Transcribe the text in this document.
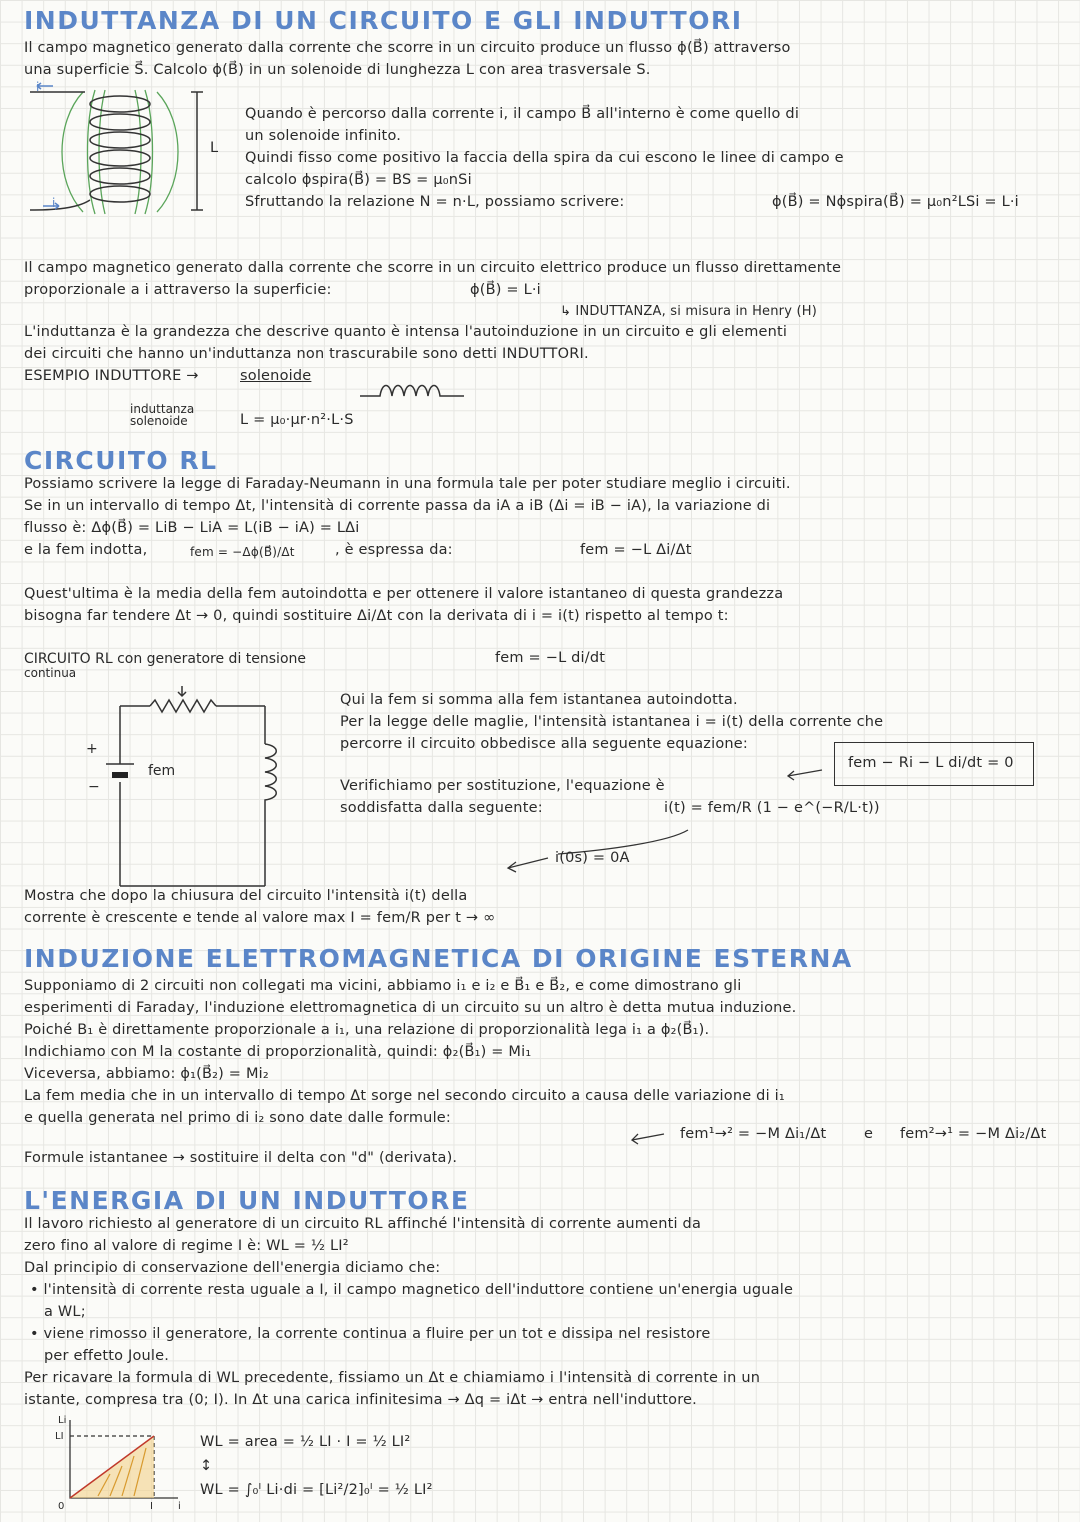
INDUTTANZA DI UN CIRCUITO E GLI INDUTTORI
Il campo magnetico generato dalla corrente che scorre in un circuito produce un flusso ϕ(B⃗) attraverso
una superficie S⃗. Calcolo ϕ(B⃗) in un solenoide di lunghezza L con area trasversale S.
i
i
L
Quando è percorso dalla corrente i, il campo B⃗ all'interno è come quello di
un solenoide infinito.
Quindi fisso come positivo la faccia della spira da cui escono le linee di campo e
calcolo ϕspira(B⃗) = BS = μ₀nSi
Sfruttando la relazione N = n·L, possiamo scrivere:	ϕ(B⃗) = Nϕspira(B⃗) = μ₀n²LSi = L·i
Il campo magnetico generato dalla corrente che scorre in un circuito elettrico produce un flusso direttamente
proporzionale a i attraverso la superficie:	ϕ(B⃗) = L·i
↳ INDUTTANZA, si misura in Henry (H)
L'induttanza è la grandezza che descrive quanto è intensa l'autoinduzione in un circuito e gli elementi
dei circuiti che hanno un'induttanza non trascurabile sono detti INDUTTORI.
ESEMPIO INDUTTORE →	solenoide
induttanza
solenoide	L = μ₀·μr·n²·L·S
CIRCUITO RL
Possiamo scrivere la legge di Faraday-Neumann in una formula tale per poter studiare meglio i circuiti.
Se in un intervallo di tempo Δt, l'intensità di corrente passa da iA a iB (Δi = iB − iA), la variazione di
flusso è: Δϕ(B⃗) = LiB − LiA = L(iB − iA) = LΔi
e la fem indotta,	fem = −Δϕ(B⃗)/Δt	, è espressa da:	fem = −L Δi/Δt
Quest'ultima è la media della fem autoindotta e per ottenere il valore istantaneo di questa grandezza
bisogna far tendere Δt → 0, quindi sostituire Δi/Δt con la derivata di i = i(t) rispetto al tempo t:
CIRCUITO RL con generatore di tensione
continua
fem = −L di/dt
+
−
fem
Qui la fem si somma alla fem istantanea autoindotta.
Per la legge delle maglie, l'intensità istantanea i = i(t) della corrente che
percorre il circuito obbedisce alla seguente equazione:
fem − Ri − L di/dt = 0
Verifichiamo per sostituzione, l'equazione è
soddisfatta dalla seguente:	i(t) = fem/R (1 − e^(−R/L·t))
i(0s) = 0A
Mostra che dopo la chiusura del circuito l'intensità i(t) della
corrente è crescente e tende al valore max I = fem/R per t → ∞
INDUZIONE ELETTROMAGNETICA DI ORIGINE ESTERNA
Supponiamo di 2 circuiti non collegati ma vicini, abbiamo i₁ e i₂ e B⃗₁ e B⃗₂, e come dimostrano gli
esperimenti di Faraday, l'induzione elettromagnetica di un circuito su un altro è detta mutua induzione.
Poiché B₁ è direttamente proporzionale a i₁, una relazione di proporzionalità lega i₁ a ϕ₂(B⃗₁).
Indichiamo con M la costante di proporzionalità, quindi: ϕ₂(B⃗₁) = Mi₁
Viceversa, abbiamo: ϕ₁(B⃗₂) = Mi₂
La fem media che in un intervallo di tempo Δt sorge nel secondo circuito a causa delle variazione di i₁
e quella generata nel primo di i₂ sono date dalle formule:
fem¹→² = −M Δi₁/Δt	e fem²→¹ = −M Δi₂/Δt
Formule istantanee → sostituire il delta con "d" (derivata).
L'ENERGIA DI UN INDUTTORE
Il lavoro richiesto al generatore di un circuito RL affinché l'intensità di corrente aumenti da
zero fino al valore di regime I è: WL = ½ LI²
Dal principio di conservazione dell'energia diciamo che:
• l'intensità di corrente resta uguale a I, il campo magnetico dell'induttore contiene un'energia uguale
a WL;
• viene rimosso il generatore, la corrente continua a fluire per un tot e dissipa nel resistore
per effetto Joule.
Per ricavare la formula di WL precedente, fissiamo un Δt e chiamiamo i l'intensità di corrente in un
istante, compresa tra (0; I). In Δt una carica infinitesima → Δq = iΔt → entra nell'induttore.
Li
LI
0	I	i
WL = area = ½ LI · I = ½ LI²
↕
WL = ∫₀ᴵ Li·di = [Li²/2]₀ᴵ = ½ LI²
